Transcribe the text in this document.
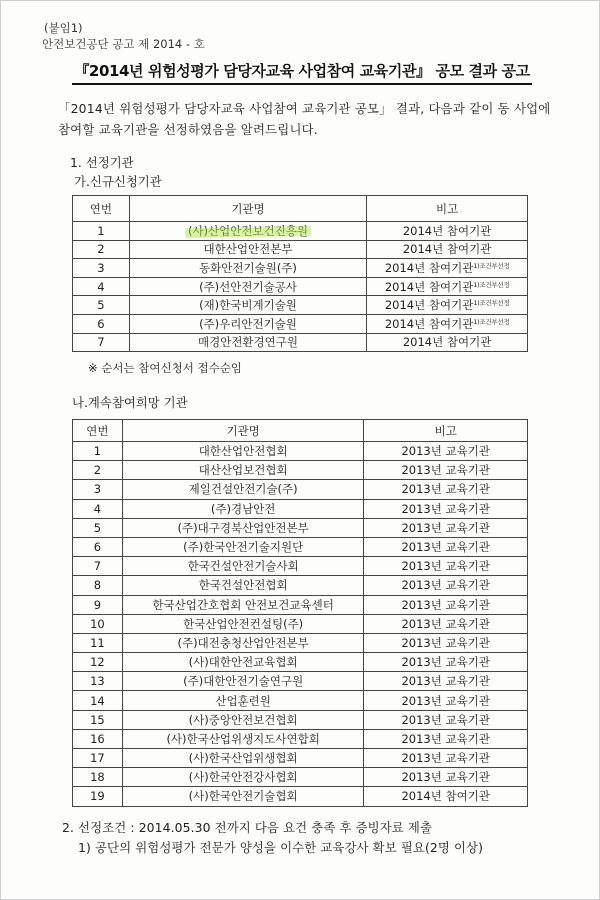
(붙임1)
안전보건공단 공고 제 2014 - 호
『2014년 위험성평가 담당자교육 사업참여 교육기관』 공모 결과 공고
「2014년 위험성평가 담당자교육 사업참여 교육기관 공모」 결과, 다음과 같이 동 사업에 참여할 교육기관을 선정하였음을 알려드립니다.
1. 선정기관
가.신규신청기관
연번	기관명	비고
1	(사)산업안전보건진흥원	2014년 참여기관
2	대한산업안전본부	2014년 참여기관
3	동화안전기술원(주)	2014년 참여기관$^{1)조건부선정}$
4	(주)선안전기술공사	2014년 참여기관$^{1)조건부선정}$
5	(재)한국비계기술원	2014년 참여기관$^{1)조건부선정}$
6	(주)우리안전기술원	2014년 참여기관$^{1)조건부선정}$
7	매경안전환경연구원	2014년 참여기관
※ 순서는 참여신청서 접수순임
나.계속참여희망 기관
연번	기관명	비고
1	대한산업안전협회	2013년 교육기관
2	대산산업보건협회	2013년 교육기관
3	제일건설안전기술(주)	2013년 교육기관
4	(주)경남안전	2013년 교육기관
5	(주)대구경북산업안전본부	2013년 교육기관
6	(주)한국안전기술지원단	2013년 교육기관
7	한국건설안전기술사회	2013년 교육기관
8	한국건설안전협회	2013년 교육기관
9	한국산업간호협회 안전보건교육센터	2013년 교육기관
10	한국산업안전컨설팅(주)	2013년 교육기관
11	(주)대전충청산업안전본부	2013년 교육기관
12	(사)대한안전교육협회	2013년 교육기관
13	(주)대한안전기술연구원	2013년 교육기관
14	산업훈련원	2013년 교육기관
15	(사)중앙안전보건협회	2013년 교육기관
16	(사)한국산업위생지도사연합회	2013년 교육기관
17	(사)한국산업위생협회	2013년 교육기관
18	(사)한국안전강사협회	2013년 교육기관
19	(사)한국안전기술협회	2014년 참여기관
2. 선정조건 : 2014.05.30 전까지 다음 요건 충족 후 증빙자료 제출
1) 공단의 위험성평가 전문가 양성을 이수한 교육강사 확보 필요(2명 이상)
